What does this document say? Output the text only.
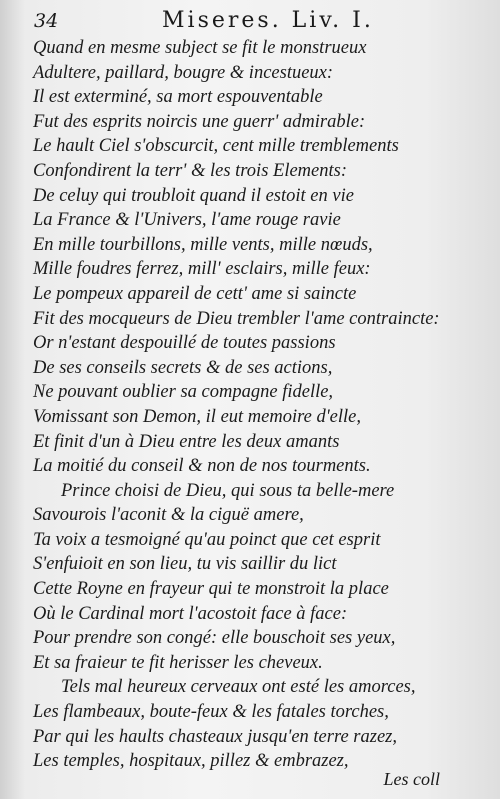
34	Miseres. Liv. I.
Quand en mesme subject se fit le monstrueux
Adultere, paillard, bougre & incestueux:
Il est exterminé, sa mort espouventable
Fut des esprits noircis une guerr' admirable:
Le hault Ciel s'obscurcit, cent mille tremblements
Confondirent la terr' & les trois Elements:
De celuy qui troubloit quand il estoit en vie
La France & l'Univers, l'ame rouge ravie
En mille tourbillons, mille vents, mille nœuds,
Mille foudres ferrez, mill' esclairs, mille feux:
Le pompeux appareil de cett' ame si saincte
Fit des mocqueurs de Dieu trembler l'ame contraincte:
Or n'estant despouillé de toutes passions
De ses conseils secrets & de ses actions,
Ne pouvant oublier sa compagne fidelle,
Vomissant son Demon, il eut memoire d'elle,
Et finit d'un à Dieu entre les deux amants
La moitié du conseil & non de nos tourments.
Prince choisi de Dieu, qui sous ta belle-mere
Savourois l'aconit & la ciguë amere,
Ta voix a tesmoigné qu'au poinct que cet esprit
S'enfuioit en son lieu, tu vis saillir du lict
Cette Royne en frayeur qui te monstroit la place
Où le Cardinal mort l'acostoit face à face:
Pour prendre son congé: elle bouschoit ses yeux,
Et sa fraieur te fit herisser les cheveux.
Tels mal heureux cerveaux ont esté les amorces,
Les flambeaux, boute-feux & les fatales torches,
Par qui les haults chasteaux jusqu'en terre razez,
Les temples, hospitaux, pillez & embrazez,
Les coll
